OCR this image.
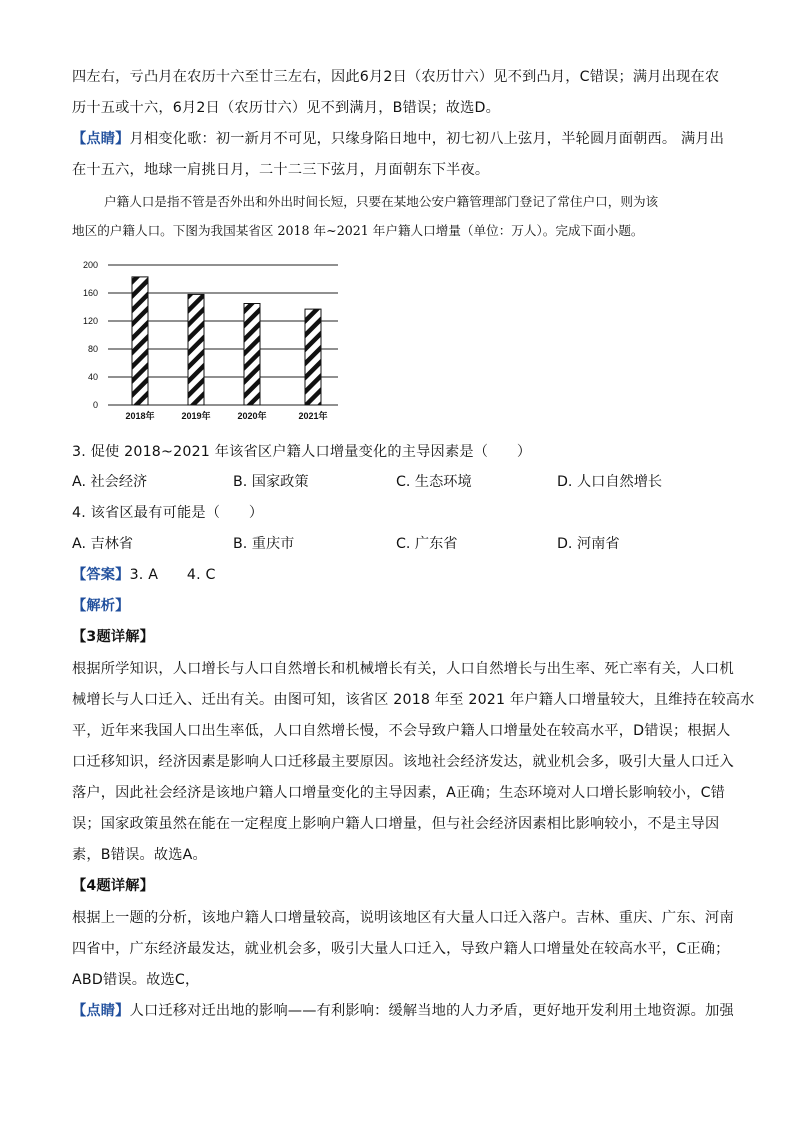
四左右，亏凸月在农历十六至廿三左右，因此6月2日（农历廿六）见不到凸月，C错误；满月出现在农
历十五或十六，6月2日（农历廿六）见不到满月，B错误；故选D。
【点睛】月相变化歌：初一新月不可见，只缘身陷日地中，初七初八上弦月，半轮圆月面朝西。 满月出
在十五六，地球一肩挑日月，二十二三下弦月，月面朝东下半夜。
户籍人口是指不管是否外出和外出时间长短，只要在某地公安户籍管理部门登记了常住户口，则为该
地区的户籍人口。下图为我国某省区 2018 年~2021 年户籍人口增量（单位：万人）。完成下面小题。
200
160
120
80
40
0
2018年	2019年	2020年	2021年
3. 促使 2018~2021 年该省区户籍人口增量变化的主导因素是（　　）
A. 社会经济	B. 国家政策	C. 生态环境	D. 人口自然增长
4. 该省区最有可能是（　　）
A. 吉林省	B. 重庆市	C. 广东省	D. 河南省
【答案】3. A　　4. C
【解析】
【3题详解】
根据所学知识，人口增长与人口自然增长和机械增长有关，人口自然增长与出生率、死亡率有关，人口机
械增长与人口迁入、迁出有关。由图可知，该省区 2018 年至 2021 年户籍人口增量较大，且维持在较高水
平，近年来我国人口出生率低，人口自然增长慢，不会导致户籍人口增量处在较高水平，D错误；根据人
口迁移知识，经济因素是影响人口迁移最主要原因。该地社会经济发达，就业机会多，吸引大量人口迁入
落户，因此社会经济是该地户籍人口增量变化的主导因素，A正确；生态环境对人口增长影响较小，C错
误；国家政策虽然在能在一定程度上影响户籍人口增量，但与社会经济因素相比影响较小，不是主导因
素，B错误。故选A。
【4题详解】
根据上一题的分析，该地户籍人口增量较高，说明该地区有大量人口迁入落户。吉林、重庆、广东、河南
四省中，广东经济最发达，就业机会多，吸引大量人口迁入，导致户籍人口增量处在较高水平，C正确；
ABD错误。故选C，
【点睛】人口迁移对迁出地的影响——有利影响：缓解当地的人力矛盾，更好地开发利用土地资源。加强
